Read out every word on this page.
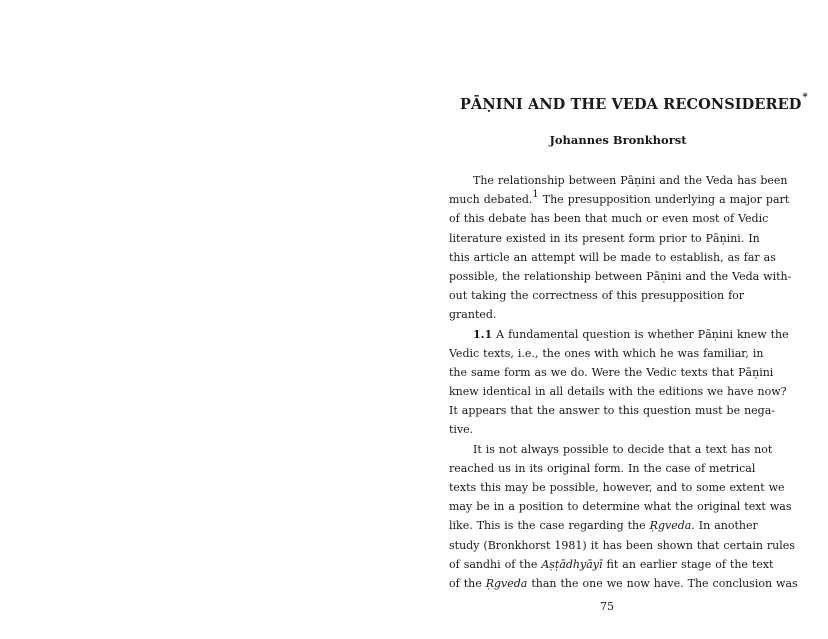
PĀṆINI AND THE VEDA RECONSIDERED*
Johannes Bronkhorst
The relationship between Pāṇini and the Veda has been
much debated.1 The presupposition underlying a major part
of this debate has been that much or even most of Vedic
literature existed in its present form prior to Pāṇini. In
this article an attempt will be made to establish, as far as
possible, the relationship between Pāṇini and the Veda with-
out taking the correctness of this presupposition for
granted.
1.1 A fundamental question is whether Pāṇini knew the
Vedic texts, i.e., the ones with which he was familiar, in
the same form as we do. Were the Vedic texts that Pāṇini
knew identical in all details with the editions we have now?
It appears that the answer to this question must be nega-
tive.
It is not always possible to decide that a text has not
reached us in its original form. In the case of metrical
texts this may be possible, however, and to some extent we
may be in a position to determine what the original text was
like. This is the case regarding the Ṛgveda. In another
study (Bronkhorst 1981) it has been shown that certain rules
of sandhi of the Aṣṭādhyāyī fit an earlier stage of the text
of the Ṛgveda than the one we now have. The conclusion was
75
